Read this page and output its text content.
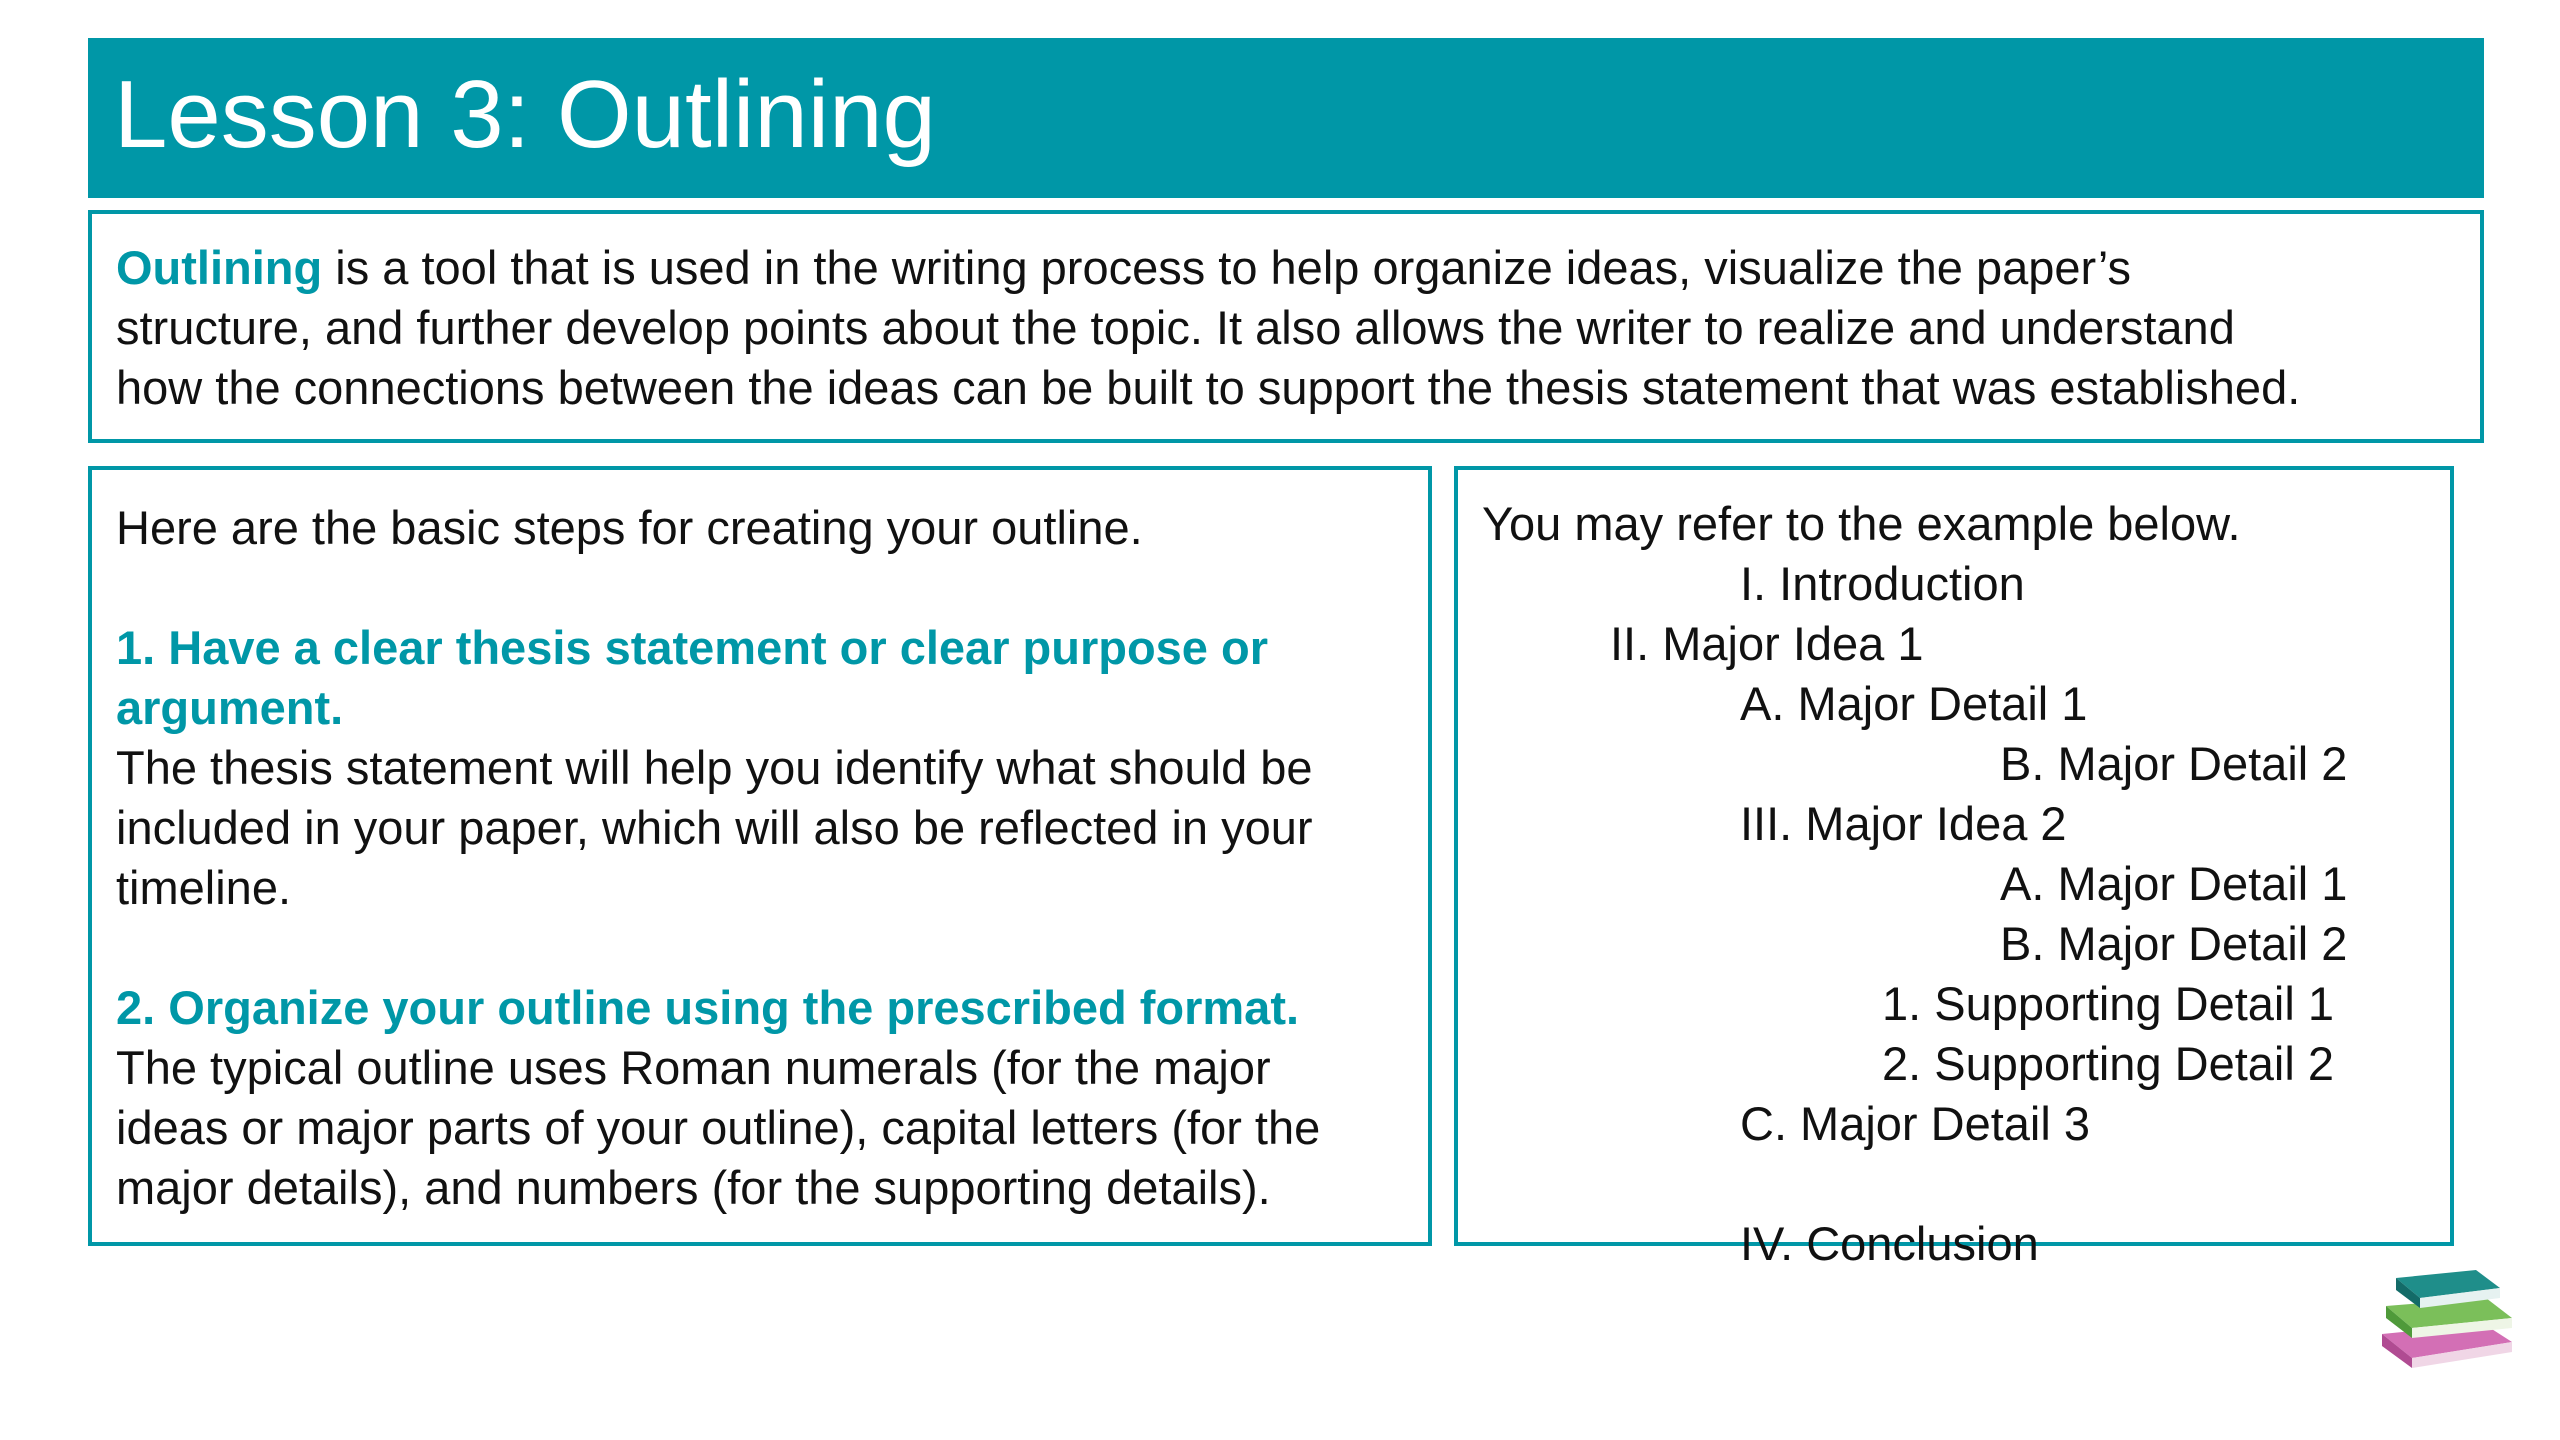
Lesson 3: Outlining
Outlining is a tool that is used in the writing process to help organize ideas, visualize the paper’s
structure, and further develop points about the topic. It also allows the writer to realize and understand
how the connections between the ideas can be built to support the thesis statement that was established.
Here are the basic steps for creating your outline.
1. Have a clear thesis statement or clear purpose or
argument.
The thesis statement will help you identify what should be
included in your paper, which will also be reflected in your
timeline.
2. Organize your outline using the prescribed format.
The typical outline uses Roman numerals (for the major
ideas or major parts of your outline), capital letters (for the
major details), and numbers (for the supporting details).
You may refer to the example below.
I. Introduction
II. Major Idea 1
A. Major Detail 1
B. Major Detail 2
III. Major Idea 2
A. Major Detail 1
B. Major Detail 2
1. Supporting Detail 1
2. Supporting Detail 2
C. Major Detail 3
IV. Conclusion
